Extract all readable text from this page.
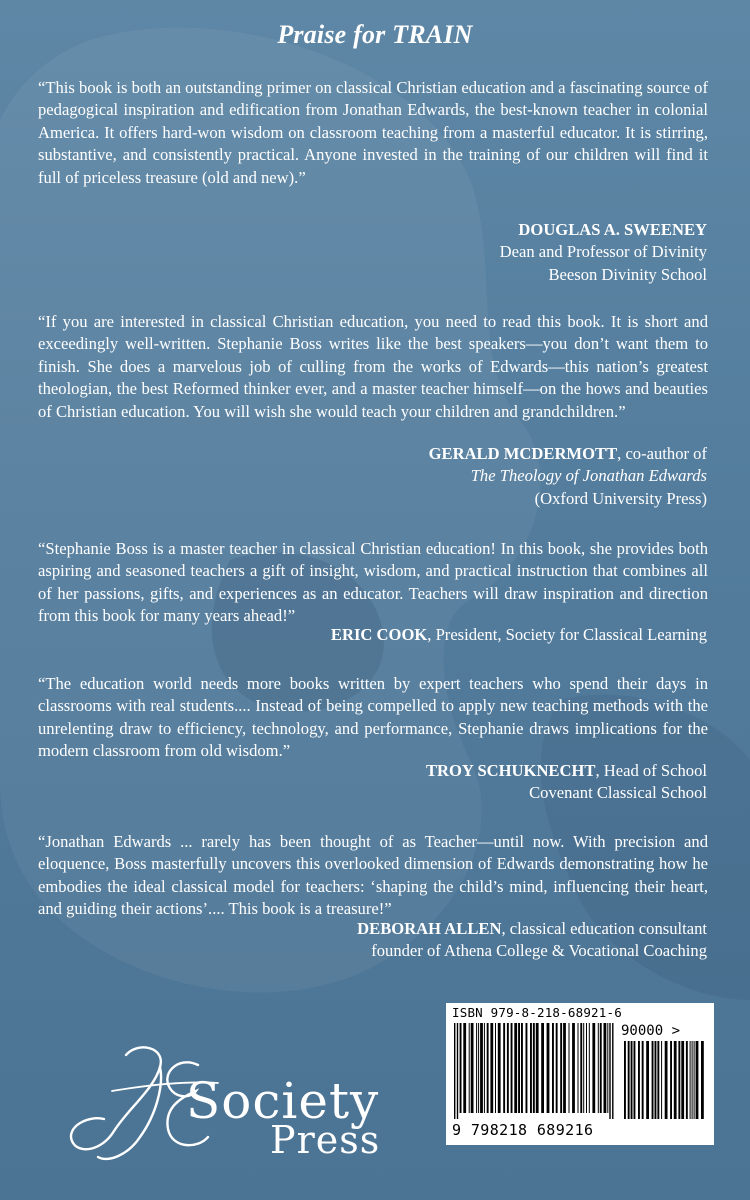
Praise for TRAIN

“This book is both an outstanding primer on classical Christian education and a fascinating source of pedagogical inspiration and edification from Jonathan Edwards, the best-known teacher in colonial America. It offers hard-won wisdom on classroom teaching from a masterful educator. It is stirring, substantive, and consistently practical. Anyone invested in the training of our children will find it full of priceless treasure (old and new).”

DOUGLAS A. SWEENEY
Dean and Professor of Divinity
Beeson Divinity School

“If you are interested in classical Christian education, you need to read this book. It is short and exceedingly well-written. Stephanie Boss writes like the best speakers—you don’t want them to finish. She does a marvelous job of culling from the works of Edwards—this nation’s greatest theologian, the best Reformed thinker ever, and a master teacher himself—on the hows and beauties of Christian education. You will wish she would teach your children and grandchildren.”

GERALD MCDERMOTT, co-author of
The Theology of Jonathan Edwards
(Oxford University Press)

“Stephanie Boss is a master teacher in classical Christian education! In this book, she provides both aspiring and seasoned teachers a gift of insight, wisdom, and practical instruction that combines all of her passions, gifts, and experiences as an educator. Teachers will draw inspiration and direction from this book for many years ahead!”

ERIC COOK, President, Society for Classical Learning

“The education world needs more books written by expert teachers who spend their days in classrooms with real students.... Instead of being compelled to apply new teaching methods with the unrelenting draw to efficiency, technology, and performance, Stephanie draws implications for the modern classroom from old wisdom.”

TROY SCHUKNECHT, Head of School
Covenant Classical School

“Jonathan Edwards ... rarely has been thought of as Teacher—until now. With precision and eloquence, Boss masterfully uncovers this overlooked dimension of Edwards demonstrating how he embodies the ideal classical model for teachers: ‘shaping the child’s mind, influencing their heart, and guiding their actions’.... This book is a treasure!”

DEBORAH ALLEN, classical education consultant
founder of Athena College & Vocational Coaching
Society
Press
ISBN 979-8-218-68921-6
90000 >
9 798218 689216
